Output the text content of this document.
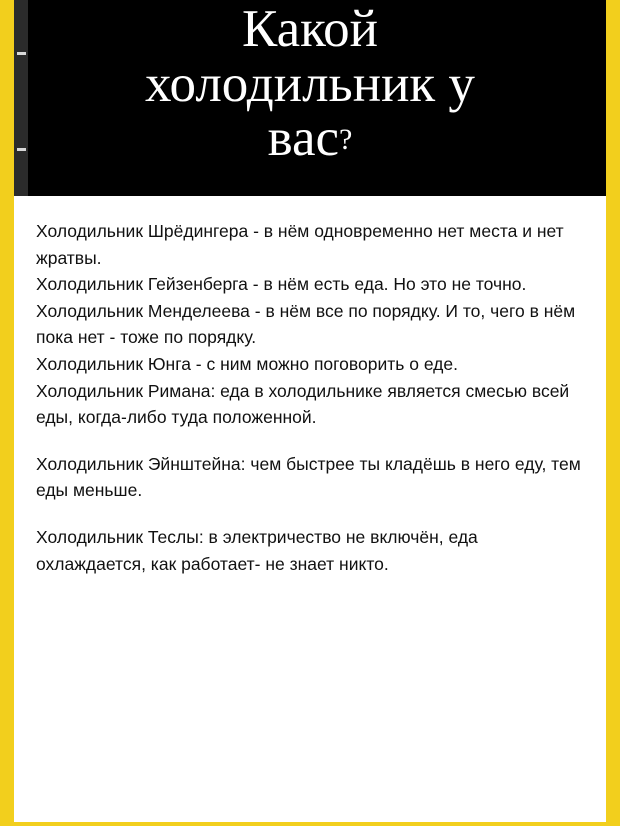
Какой
холодильник у
вас?

Холодильник Шрёдингера - в нём одновременно нет места и нет жратвы.

Холодильник Гейзенберга - в нём есть еда. Но это не точно.

Холодильник Менделеева - в нём все по порядку. И то, чего в нём пока нет - тоже по порядку.

Холодильник Юнга - с ним можно поговорить о еде.

Холодильник Римана: еда в холодильнике является смесью всей еды, когда-либо туда положенной.

Холодильник Эйнштейна: чем быстрее ты кладёшь в него еду, тем еды меньше.

Холодильник Теслы: в электричество не включён, еда охлаждается, как работает- не знает никто.
